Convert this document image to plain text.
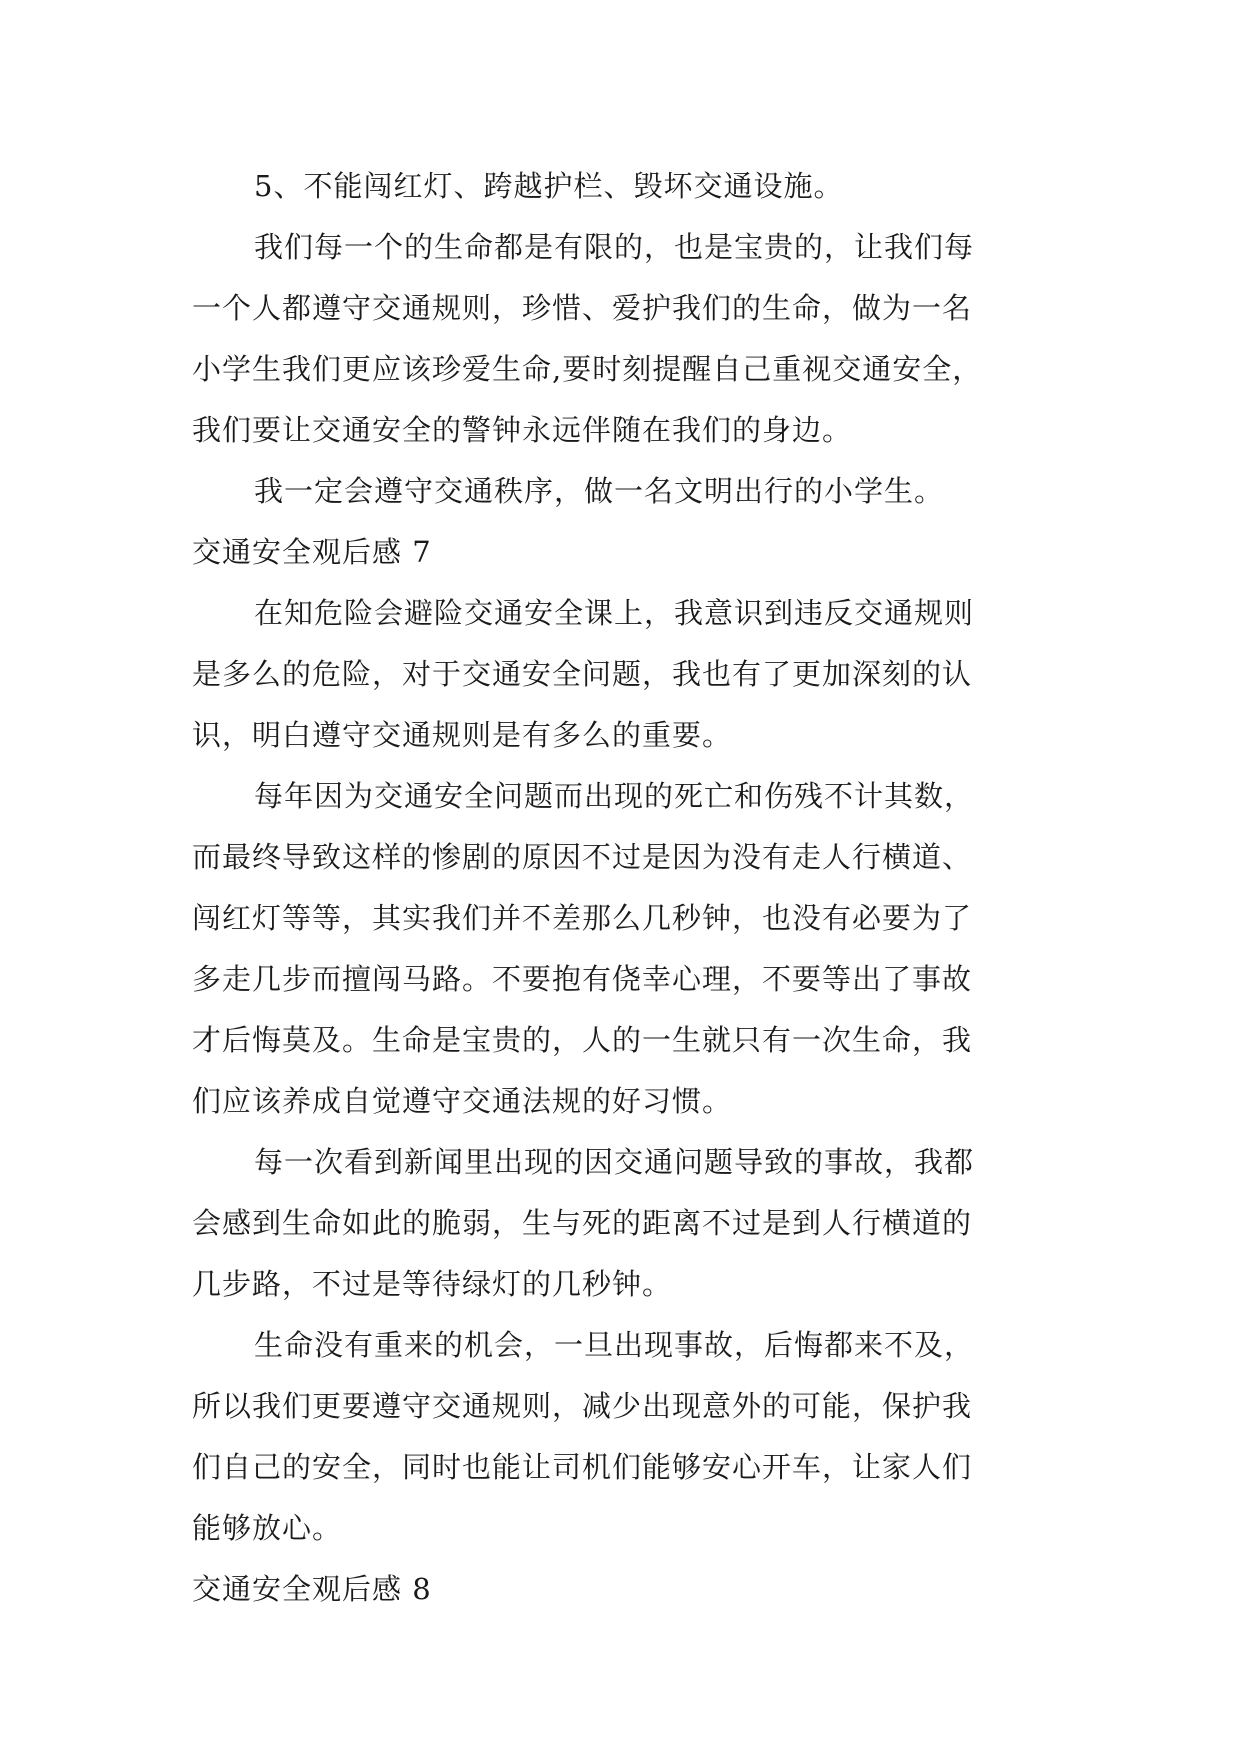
5、不能闯红灯、跨越护栏、毁坏交通设施。
我们每一个的生命都是有限的，也是宝贵的，让我们每
一个人都遵守交通规则，珍惜、爱护我们的生命，做为一名
小学生我们更应该珍爱生命,要时刻提醒自己重视交通安全，
我们要让交通安全的警钟永远伴随在我们的身边。
我一定会遵守交通秩序，做一名文明出行的小学生。
交通安全观后感 7
在知危险会避险交通安全课上，我意识到违反交通规则
是多么的危险，对于交通安全问题，我也有了更加深刻的认
识，明白遵守交通规则是有多么的重要。
每年因为交通安全问题而出现的死亡和伤残不计其数，
而最终导致这样的惨剧的原因不过是因为没有走人行横道、
闯红灯等等，其实我们并不差那么几秒钟，也没有必要为了
多走几步而擅闯马路。不要抱有侥幸心理，不要等出了事故
才后悔莫及。生命是宝贵的，人的一生就只有一次生命，我
们应该养成自觉遵守交通法规的好习惯。
每一次看到新闻里出现的因交通问题导致的事故，我都
会感到生命如此的脆弱，生与死的距离不过是到人行横道的
几步路，不过是等待绿灯的几秒钟。
生命没有重来的机会，一旦出现事故，后悔都来不及，
所以我们更要遵守交通规则，减少出现意外的可能，保护我
们自己的安全，同时也能让司机们能够安心开车，让家人们
能够放心。
交通安全观后感 8
